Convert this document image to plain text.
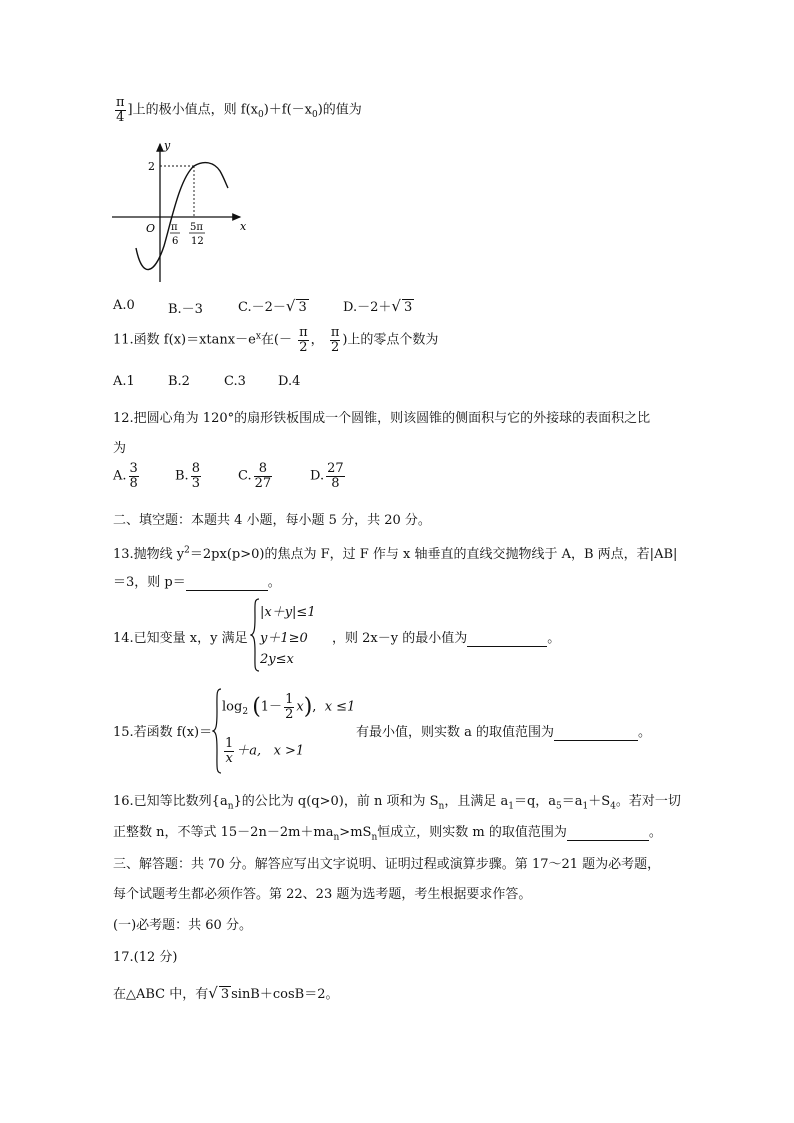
$\frac{\pi}{4}$ ]上的极小值点，则 $f(x_0)+f(-x_0)$的值为
y
x
O
2
π
6
5π
12
A.0	B.－3	C.－2－√ 3	D.－2＋√ 3
11.函数 $f(x)=xtanx-e^x$在(－ $\frac{\pi}{2}$ ， $\frac{\pi}{2}$ )上的零点个数为
A.1	B.2	C.3 D.4
12.把圆心角为 120°的扇形铁板围成一个圆锥，则该圆锥的侧面积与它的外接球的表面积之比
为
A. $\frac{3}{8}$	B. $\frac{8}{3}$	C. $\frac{8}{27}$	D. $\frac{27}{8}$
二、填空题：本题共 4 小题，每小题 5 分，共 20 分。
13.抛物线 $y^2=2px(p>0)$的焦点为 F，过 F 作与 x 轴垂直的直线交抛物线于 A，B 两点，若|AB|
＝3，则 p＝	。
14.已知变量 x，y 满足
|x＋y|≤1
y＋1≥0
2y≤x
，则 2x－y 的最小值为	。
15.若函数 f(x)＝
$\log_2 (1- \frac{1}{2} x)$,  x ≤1
$\frac{1}{x} +a$, x >1
有最小值，则实数 a 的取值范围为	。
16.已知等比数列$\{a_n\}$的公比为 q(q>0)，前 n 项和为 $S_n$，且满足 $a_1=q$，$a_5=a_1+S_4$。若对一切
正整数 n，不等式 $15-2n-2m+ma_n>mS_n$恒成立，则实数 m 的取值范围为	。
三、解答题：共 70 分。解答应写出文字说明、证明过程或演算步骤。第 17～21 题为必考题，
每个试题考生都必须作答。第 22、23 题为选考题，考生根据要求作答。
(一)必考题：共 60 分。
17.(12 分)
在△ABC 中，有√ 3 sinB＋cosB＝2。
